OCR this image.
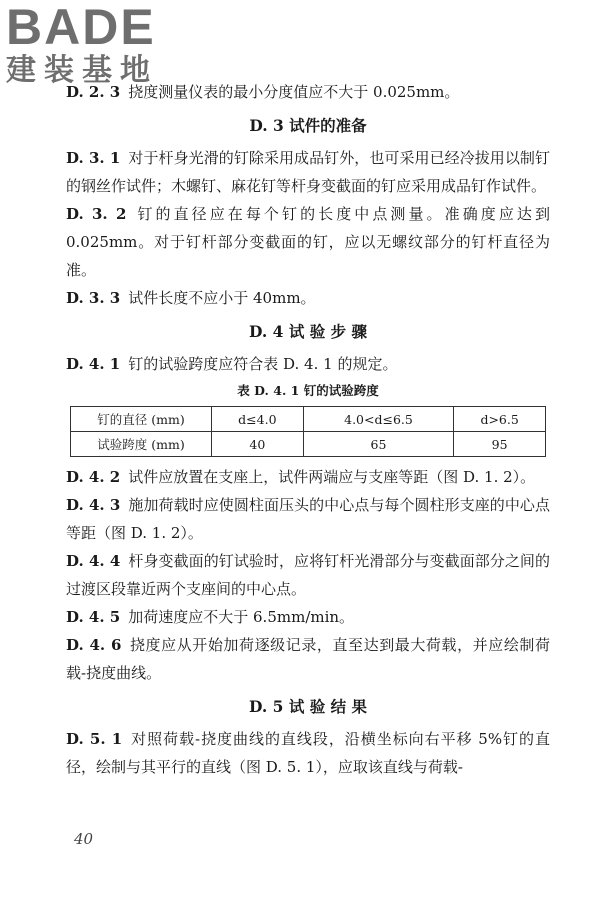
BADE
建装基地

D. 2. 3 挠度测量仪表的最小分度值应不大于 0.025mm。

D. 3 试件的准备

D. 3. 1 对于杆身光滑的钉除采用成品钉外，也可采用已经冷拔用以制钉的钢丝作试件；木螺钉、麻花钉等杆身变截面的钉应采用成品钉作试件。

D. 3. 2 钉的直径应在每个钉的长度中点测量。准确度应达到 0.025mm。对于钉杆部分变截面的钉，应以无螺纹部分的钉杆直径为准。

D. 3. 3 试件长度不应小于 40mm。

D. 4 试 验 步 骤

D. 4. 1 钉的试验跨度应符合表 D. 4. 1 的规定。

表 D. 4. 1 钉的试验跨度
钉的直径 (mm)	d≤4.0	4.0<d≤6.5	d>6.5
试验跨度 (mm)	40	65	95

D. 4. 2 试件应放置在支座上，试件两端应与支座等距（图 D. 1. 2）。

D. 4. 3 施加荷载时应使圆柱面压头的中心点与每个圆柱形支座的中心点等距（图 D. 1. 2）。

D. 4. 4 杆身变截面的钉试验时，应将钉杆光滑部分与变截面部分之间的过渡区段靠近两个支座间的中心点。

D. 4. 5 加荷速度应不大于 6.5mm/min。

D. 4. 6 挠度应从开始加荷逐级记录，直至达到最大荷载，并应绘制荷载-挠度曲线。

D. 5 试 验 结 果

D. 5. 1 对照荷载-挠度曲线的直线段，沿横坐标向右平移 5%钉的直径，绘制与其平行的直线（图 D. 5. 1），应取该直线与荷载-

40
